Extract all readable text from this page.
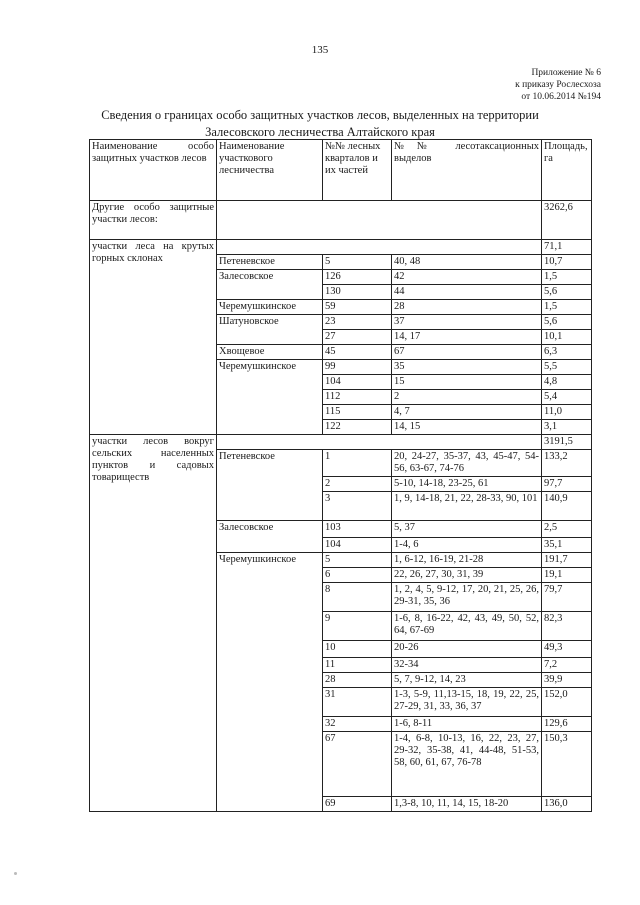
135
Приложение № 6
к приказу Рослесхоза
от 10.06.2014 №194
Сведения о границах особо защитных участков лесов, выделенных на территории
Залесовского лесничества Алтайского края
Наименование особо защитных участков лесов	Наименование участкового лесничества	№№ лесных кварталов и их частей	№№ лесотаксационных выделов	Площадь, га
Другие особо защитные участки лесов:				3262,6
участки леса на крутых горных склонах				71,1
	Петеневское	5	40, 48	10,7
	Залесовское	126	42	1,5
		130	44	5,6
	Черемушкинское	59	28	1,5
	Шатуновское	23	37	5,6
		27	14, 17	10,1
	Хвощевое	45	67	6,3
	Черемушкинское	99	35	5,5
		104	15	4,8
		112	2	5,4
		115	4, 7	11,0
		122	14, 15	3,1
участки лесов вокруг сельских населенных пунктов и садовых товариществ				3191,5
	Петеневское	1	20, 24-27, 35-37, 43, 45-47, 54-56, 63-67, 74-76	133,2
		2	5-10, 14-18, 23-25, 61	97,7
		3	1, 9, 14-18, 21, 22, 28-33, 90, 101	140,9
	Залесовское	103	5, 37	2,5
		104	1-4, 6	35,1
	Черемушкинское	5	1, 6-12, 16-19, 21-28	191,7
		6	22, 26, 27, 30, 31, 39	19,1
		8	1, 2, 4, 5, 9-12, 17, 20, 21, 25, 26, 29-31, 35, 36	79,7
		9	1-6, 8, 16-22, 42, 43, 49, 50, 52, 64, 67-69	82,3
		10	20-26	49,3
		11	32-34	7,2
		28	5, 7, 9-12, 14, 23	39,9
		31	1-3, 5-9, 11,13-15, 18, 19, 22, 25, 27-29, 31, 33, 36, 37	152,0
		32	1-6, 8-11	129,6
		67	1-4, 6-8, 10-13, 16, 22, 23, 27, 29-32, 35-38, 41, 44-48, 51-53, 58, 60, 61, 67, 76-78	150,3
		69	1,3-8, 10, 11, 14, 15, 18-20	136,0
